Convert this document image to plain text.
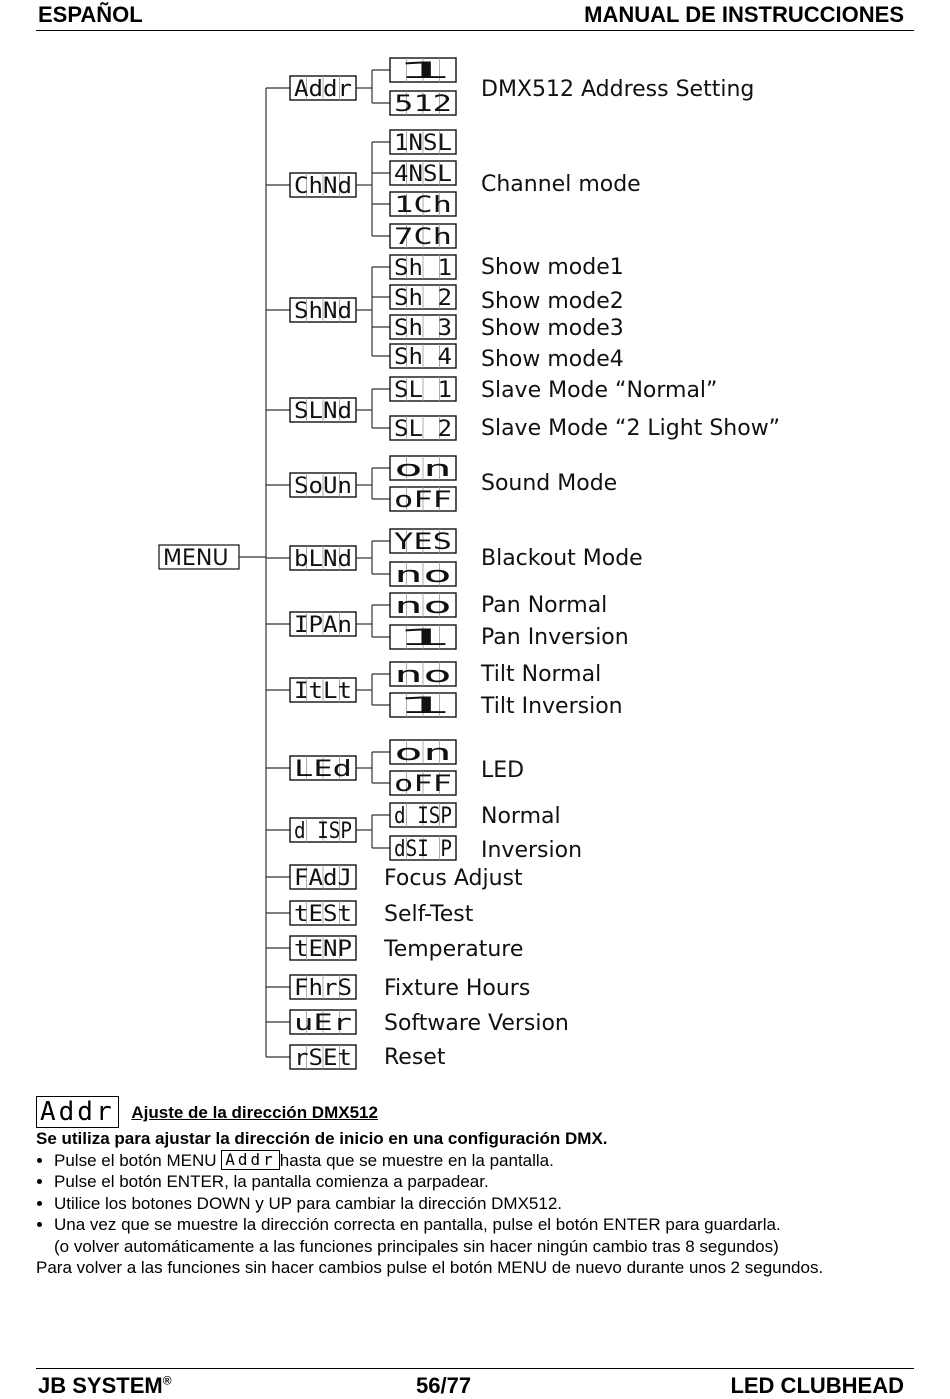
ESPAÑOL	MANUAL DE INSTRUCCIONES
MENU
Addr
1
512
DMX512 Address Setting
ChNd
1NSL
4NSL
1Ch
7Ch
Channel mode
ShNd
Sh 1
Sh 2
Sh 3
Sh 4
Show mode1
Show mode2
Show mode3
Show mode4
SLNd
SL 1
SL 2
Slave Mode “Normal”
Slave Mode “2 Light Show”
SoUn
on
oFF
Sound Mode
bLNd
YES
no
Blackout Mode
IPAn
no
1
Pan Normal
Pan Inversion
ItLt
no
1
Tilt Normal
Tilt Inversion
LEd
on
oFF
LED
d ISP
d ISP
dSI P
Normal
Inversion
FAdJ Focus Adjust
tESt Self-Test
tENP Temperature
FhrS Fixture Hours
uEr Software Version
rSEt Reset
Addr Ajuste de la dirección DMX512
Se utiliza para ajustar la dirección de inicio en una configuración DMX.
• Pulse el botón MENU Addr hasta que se muestre en la pantalla.
• Pulse el botón ENTER, la pantalla comienza a parpadear.
• Utilice los botones DOWN y UP para cambiar la dirección DMX512.
• Una vez que se muestre la dirección correcta en pantalla, pulse el botón ENTER para guardarla.
(o volver automáticamente a las funciones principales sin hacer ningún cambio tras 8 segundos)
Para volver a las funciones sin hacer cambios pulse el botón MENU de nuevo durante unos 2 segundos.
JB SYSTEM®	56/77	LED CLUBHEAD
